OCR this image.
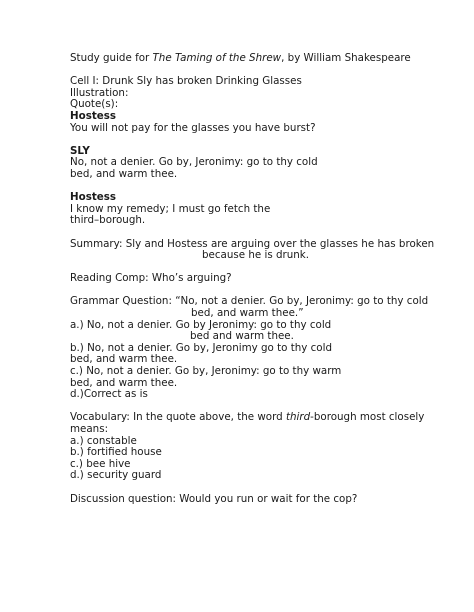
Study guide for The Taming of the Shrew, by William Shakespeare
Cell I: Drunk Sly has broken Drinking Glasses
Illustration:
Quote(s):
Hostess
You will not pay for the glasses you have burst?
SLY
No, not a denier. Go by, Jeronimy: go to thy cold
bed, and warm thee.
Hostess
I know my remedy; I must go fetch the
third–borough.
Summary: Sly and Hostess are arguing over the glasses he has broken
because he is drunk.
Reading Comp: Who’s arguing?
Grammar Question: “No, not a denier. Go by, Jeronimy: go to thy cold
bed, and warm thee.”
a.) No, not a denier. Go by Jeronimy: go to thy cold
bed and warm thee.
b.) No, not a denier. Go by, Jeronimy go to thy cold
bed, and warm thee.
c.) No, not a denier. Go by, Jeronimy: go to thy warm
bed, and warm thee.
d.)Correct as is
Vocabulary: In the quote above, the word third-borough most closely
means:
a.) constable
b.) fortified house
c.) bee hive
d.) security guard
Discussion question: Would you run or wait for the cop?
